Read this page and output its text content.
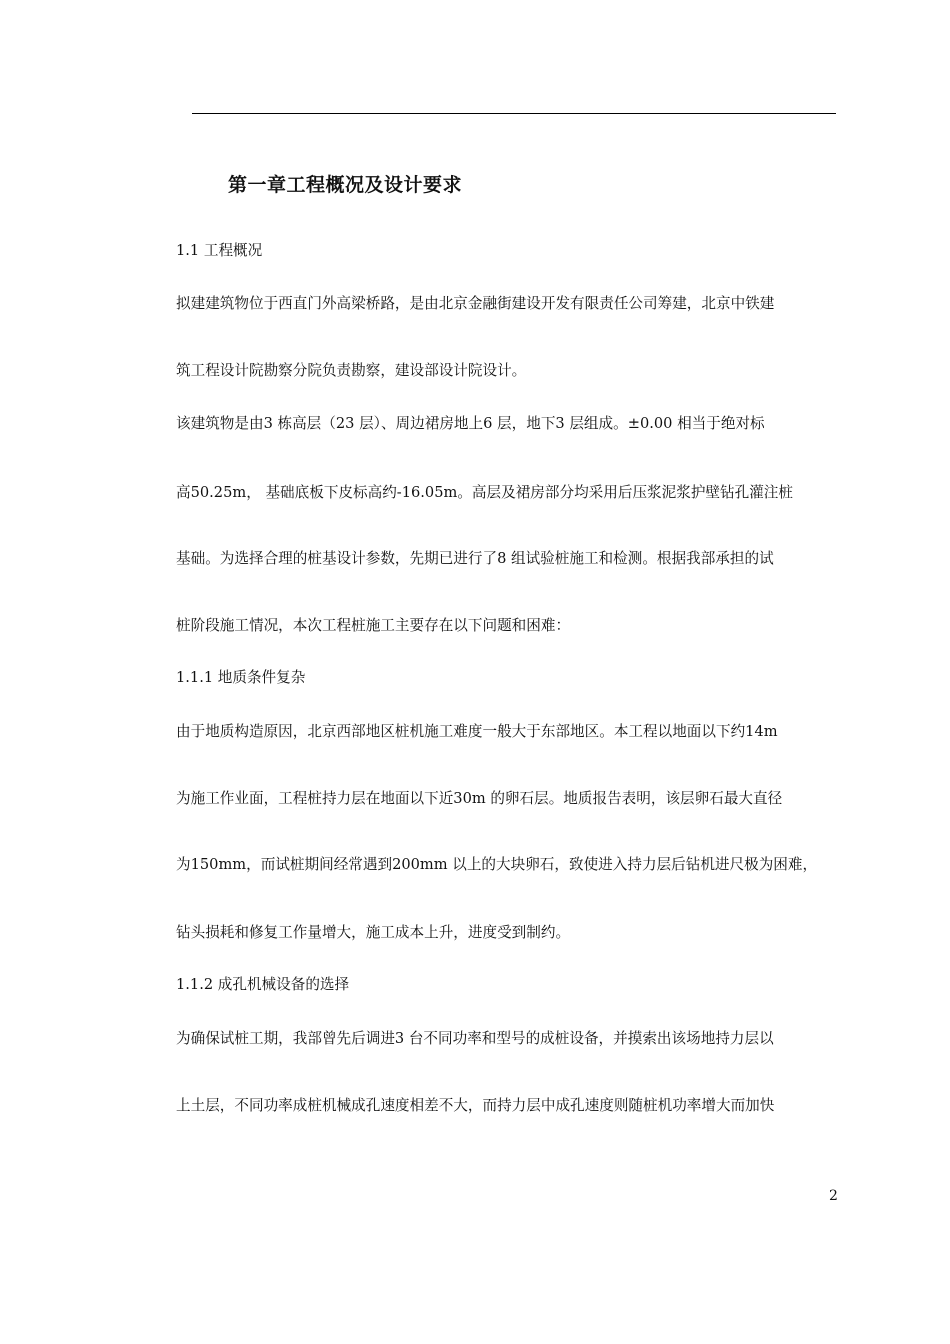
第一章工程概况及设计要求
1.1 工程概况
拟建建筑物位于西直门外高梁桥路，是由北京金融街建设开发有限责任公司筹建，北京中铁建
筑工程设计院勘察分院负责勘察，建设部设计院设计。
该建筑物是由3 栋高层（23 层）、周边裙房地上6 层，地下3 层组成。±0.00 相当于绝对标
高50.25m， 基础底板下皮标高约-16.05m。高层及裙房部分均采用后压浆泥浆护壁钻孔灌注桩
基础。为选择合理的桩基设计参数，先期已进行了8 组试验桩施工和检测。根据我部承担的试
桩阶段施工情况，本次工程桩施工主要存在以下问题和困难：
1.1.1 地质条件复杂
由于地质构造原因，北京西部地区桩机施工难度一般大于东部地区。本工程以地面以下约14m
为施工作业面，工程桩持力层在地面以下近30m 的卵石层。地质报告表明，该层卵石最大直径
为150mm，而试桩期间经常遇到200mm 以上的大块卵石，致使进入持力层后钻机进尺极为困难，
钻头损耗和修复工作量增大，施工成本上升，进度受到制约。
1.1.2 成孔机械设备的选择
为确保试桩工期，我部曾先后调进3 台不同功率和型号的成桩设备，并摸索出该场地持力层以
上土层，不同功率成桩机械成孔速度相差不大，而持力层中成孔速度则随桩机功率增大而加快
2
